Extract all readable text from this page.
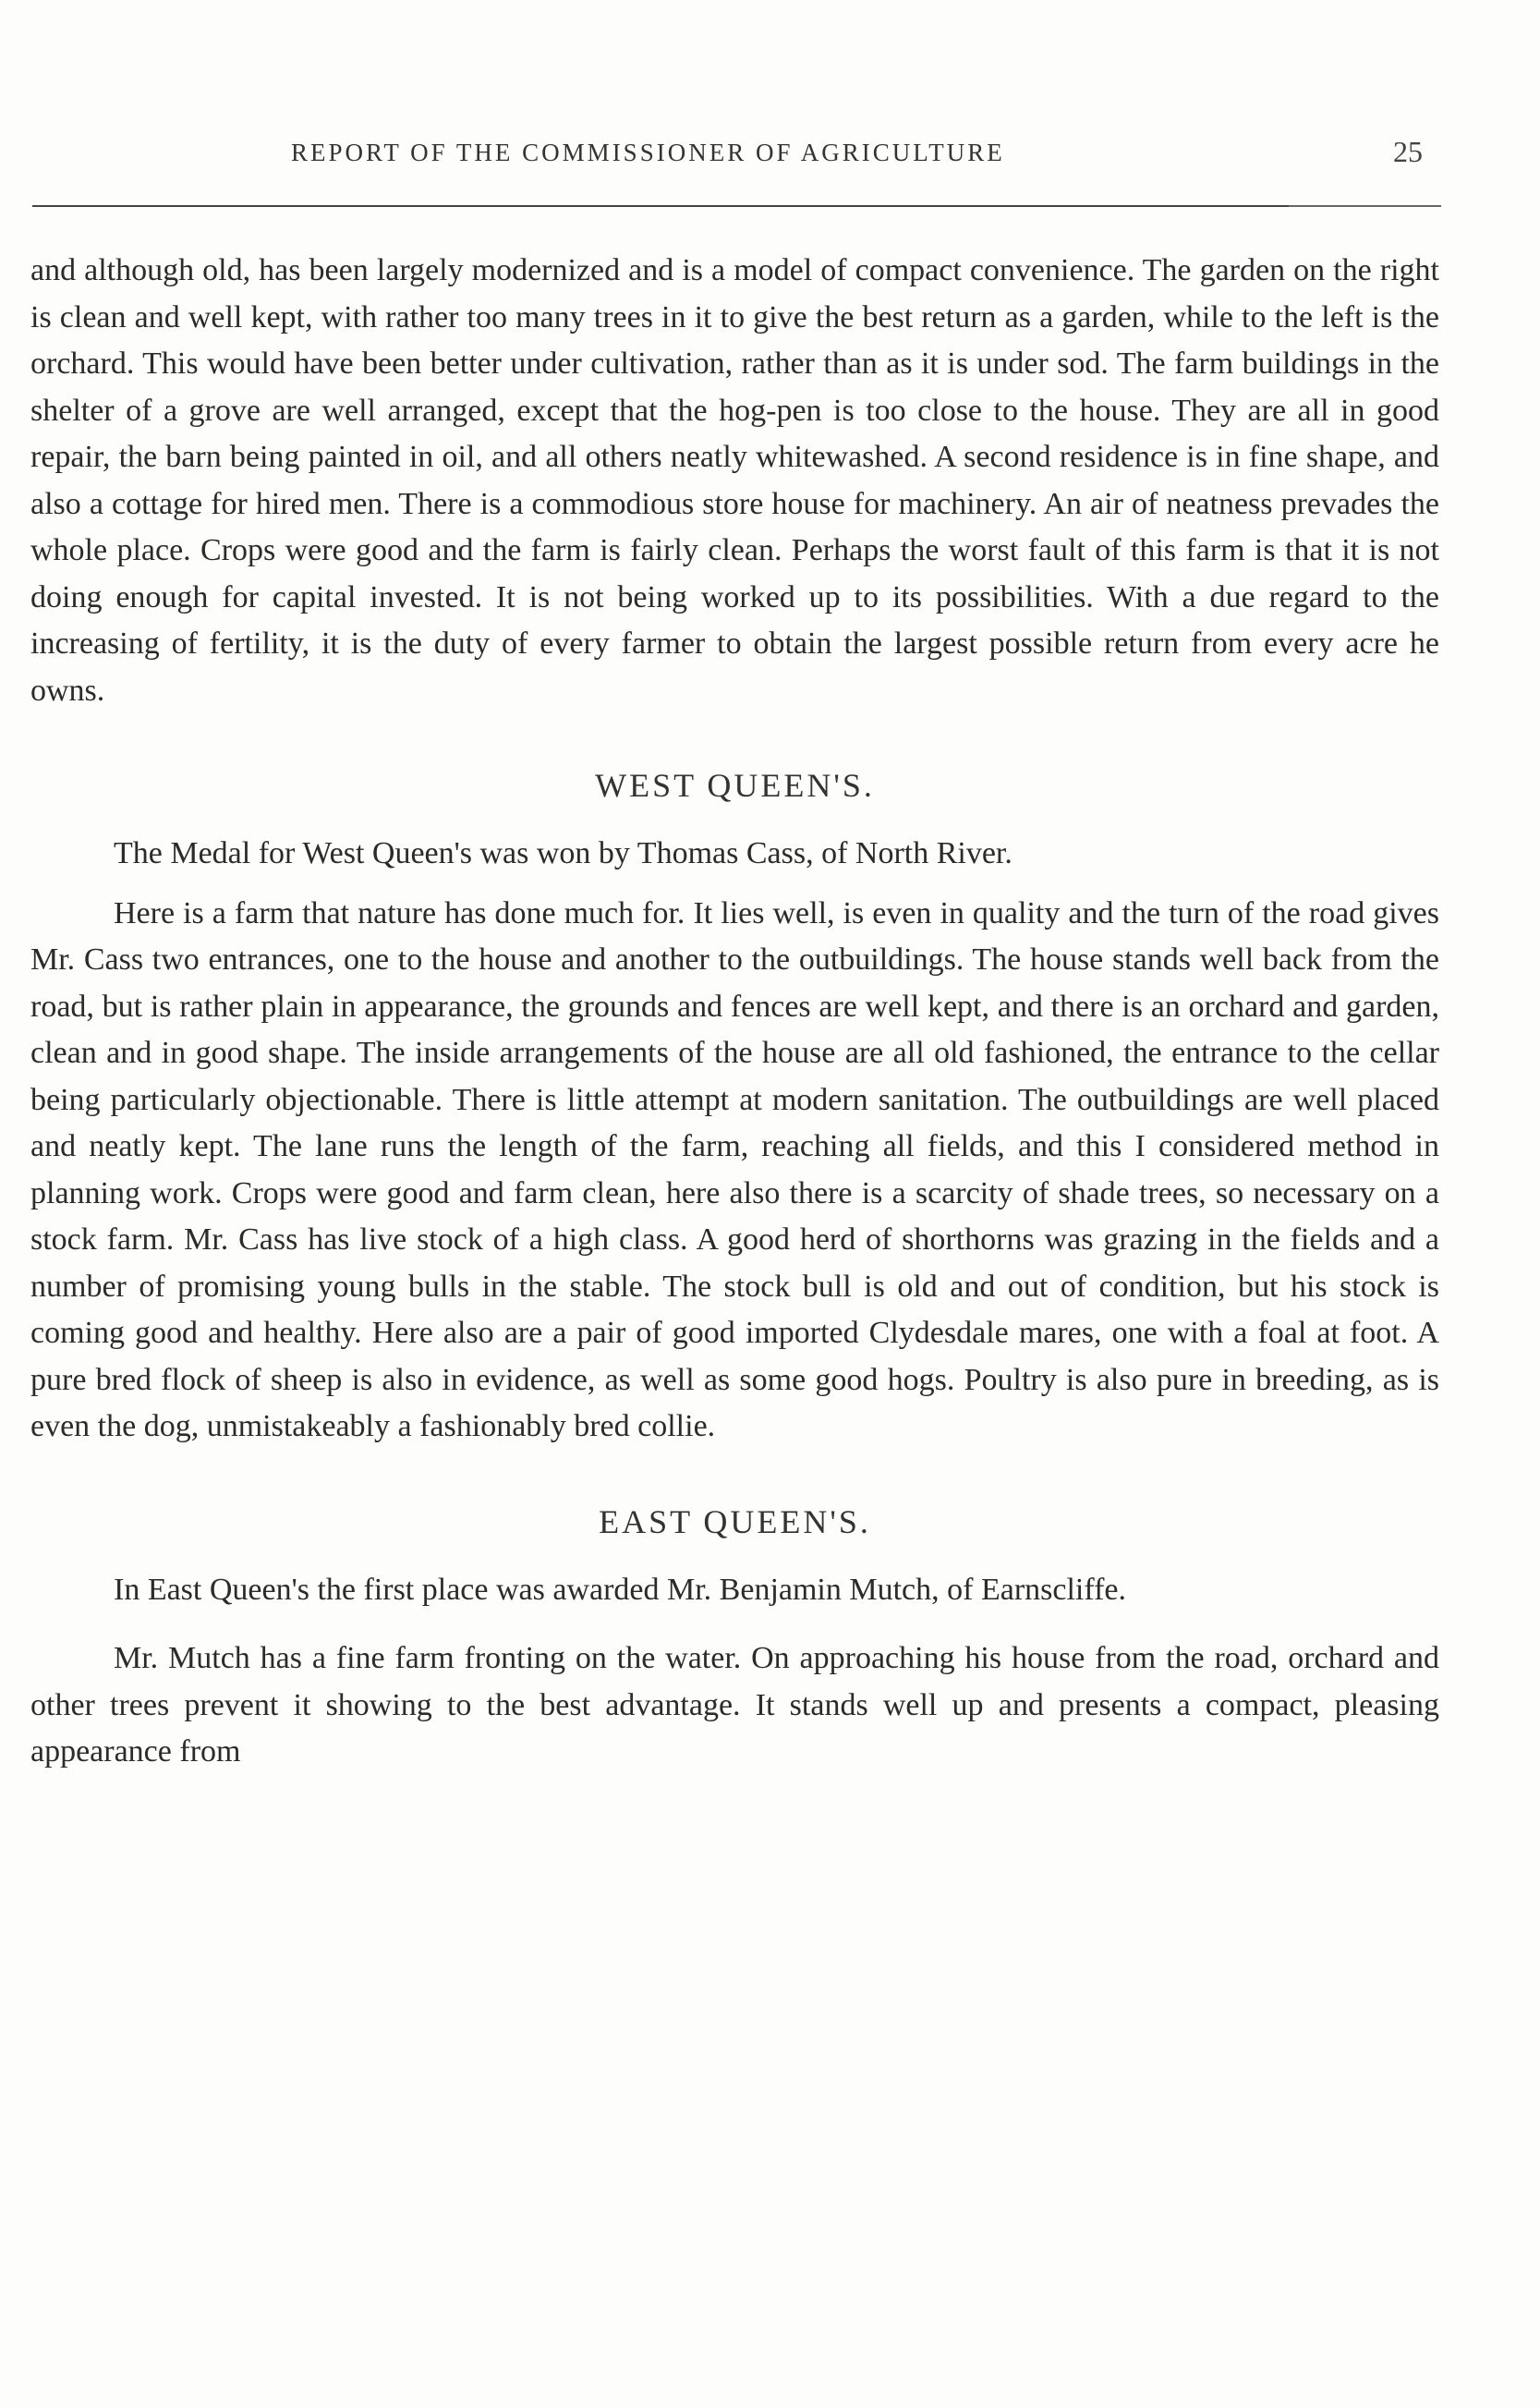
REPORT OF THE COMMISSIONER OF AGRICULTURE	25

and although old, has been largely modernized and is a model of compact convenience. The garden on the right is clean and well kept, with rather too many trees in it to give the best return as a garden, while to the left is the orchard. This would have been better under cultivation, rather than as it is under sod. The farm buildings in the shelter of a grove are well arranged, except that the hog-pen is too close to the house. They are all in good repair, the barn being painted in oil, and all others neatly whitewashed. A second residence is in fine shape, and also a cottage for hired men. There is a commodious store house for machinery. An air of neatness prevades the whole place. Crops were good and the farm is fairly clean. Perhaps the worst fault of this farm is that it is not doing enough for capital invested. It is not being worked up to its possibilities. With a due regard to the increasing of fertility, it is the duty of every farmer to obtain the largest possible return from every acre he owns.

WEST QUEEN'S.

The Medal for West Queen's was won by Thomas Cass, of North River.

Here is a farm that nature has done much for. It lies well, is even in quality and the turn of the road gives Mr. Cass two entrances, one to the house and another to the outbuildings. The house stands well back from the road, but is rather plain in appearance, the grounds and fences are well kept, and there is an orchard and garden, clean and in good shape. The inside arrangements of the house are all old fashioned, the entrance to the cellar being particularly objectionable. There is little attempt at modern sanitation. The outbuildings are well placed and neatly kept. The lane runs the length of the farm, reaching all fields, and this I considered method in planning work. Crops were good and farm clean, here also there is a scarcity of shade trees, so necessary on a stock farm. Mr. Cass has live stock of a high class. A good herd of shorthorns was grazing in the fields and a number of promising young bulls in the stable. The stock bull is old and out of condition, but his stock is coming good and healthy. Here also are a pair of good imported Clydesdale mares, one with a foal at foot. A pure bred flock of sheep is also in evidence, as well as some good hogs. Poultry is also pure in breeding, as is even the dog, unmistakeably a fashionably bred collie.

EAST QUEEN'S.

In East Queen's the first place was awarded Mr. Benjamin Mutch, of Earnscliffe.

Mr. Mutch has a fine farm fronting on the water. On approaching his house from the road, orchard and other trees prevent it showing to the best advantage. It stands well up and presents a compact, pleasing appearance from
